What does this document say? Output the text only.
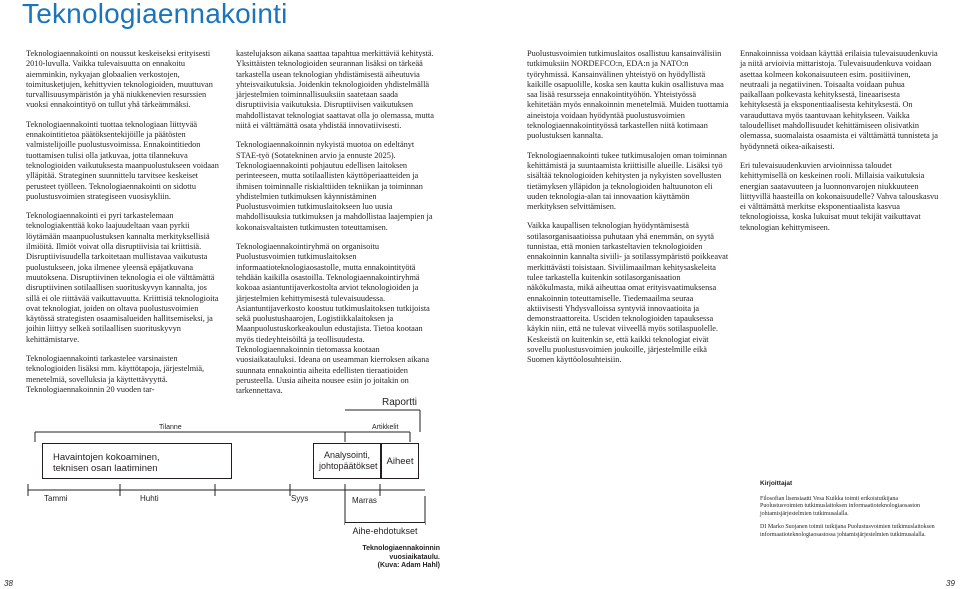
Teknologiaennakointi

Teknologiaennakointi on noussut keskeiseksi erityisesti 2010-luvulla. Vaikka tulevaisuutta on ennakoitu aiemminkin, nykyajan globaalien verkostojen, toimitusketjujen, kehittyvien teknologioiden, muuttuvan turvallisuusympäristön ja yhä niukkenevien resurssien vuoksi ennakointityö on tullut yhä tärkeämmäksi.

Teknologiaennakointi tuottaa teknologiaan liittyvää ennakointitietoa päätöksentekijöille ja päätösten valmistelijoille puolustusvoimissa. Ennakointitiedon tuottamisen tulisi olla jatkuvaa, jotta tilannekuva teknologioiden vaikutuksesta maanpuolustukseen voidaan ylläpitää. Strateginen suunnittelu tarvitsee keskeiset perusteet työlleen. Teknologiaennakointi on sidottu puolustusvoimien strategiseen vuosisykliin.

Teknologiaennakointi ei pyri tarkastelemaan teknologiakenttää koko laajuudeltaan vaan pyrkii löytämään maanpuolustuksen kannalta merkityksellisiä ilmiöitä. Ilmiöt voivat olla disruptiivisia tai kriittisiä. Disruptiivisuudella tarkoitetaan mullistavaa vaikutusta puolustukseen, joka ilmenee yleensä epäjatkuvana muutoksena. Disruptiivinen teknologia ei ole välttämättä disruptiivinen sotilaallisen suorituskyvyn kannalta, jos sillä ei ole riittävää vaikuttavuutta. Kriittisiä teknologioita ovat teknologiat, joiden on oltava puolustusvoimien käytössä strategisten osaamisalueiden hallitsemiseksi, ja joihin liittyy selkeä sotilaallisen suorituskyvyn kehittämistarve.

Teknologiaennakointi tarkastelee varsinaisten teknologioiden lisäksi mm. käyttötapoja, järjestelmiä, menetelmiä, sovelluksia ja käyttettävyyttä. Teknologiaennakoinnin 20 vuoden tar-

kastelujakson aikana saattaa tapahtua merkittäviä kehitystä. Yksittäisten teknologioiden seurannan lisäksi on tärkeää tarkastella usean teknologian yhdistämisestä aiheutuvia yhteisvaikutuksia. Joidenkin teknologioiden yhdistelmällä järjestelmien toiminnallisuuksiin saatetaan saada disruptiivisia vaikutuksia. Disruptiivisen vaikutuksen mahdollistavat teknologiat saattavat olla jo olemassa, mutta niitä ei välttämättä osata yhdistää innovatiivisesti.

Teknologiaennakoinnin nykyistä muotoa on edeltänyt STAE-työ (Sotatekninen arvio ja ennuste 2025). Teknologiaennakointi pohjautuu edellisen laitoksen perinteeseen, mutta sotilaallisten käyttöperiaatteiden ja ihmisen toiminnalle riskialttiiden tekniikan ja toiminnan yhdistelmien tutkimuksen käynnistäminen Puolustusvoimien tutkimuslaitokseen luo uusia mahdollisuuksia tutkimuksen ja mahdollistaa laajempien ja kokonaisvaltaisten tutkimusten toteuttamisen.

Teknologiaennakointiryhmä on organisoitu Puolustusvoimien tutkimuslaitoksen informaatioteknologiaosastolle, mutta ennakointityötä tehdään kaikilla osastoilla. Teknologiaennakointiryhmä kokoaa asiantuntijaverkostolta arviot teknologioiden ja järjestelmien kehittymisestä tulevaisuudessa. Asiantuntijaverkosto koostuu tutkimuslaitoksen tutkijoista sekä puolustushaarojen, Logistiikkalaitoksen ja Maanpuolustuskorkeakoulun edustajista. Tietoa kootaan myös tiedeyhteisöiltä ja teollisuudesta. Teknologiaennakoinnin tietomassa kootaan vuosiaikatauluksi. Ideana on useamman kierroksen aikana suunnata ennakointia aiheita edellisten tieraatioiden perusteella. Uusia aiheita nousee esiin jo joitakin on tarkennettava.

Puolustusvoimien tutkimuslaitos osallistuu kansainvälisiin tutkimuksiin NORDEFCO:n, EDA:n ja NATO:n työryhmissä. Kansainvälinen yhteistyö on hyödyllistä kaikille osapuolille, koska sen kautta kukin osallistuva maa saa lisää resursseja ennakointityöhön. Yhteistyössä kehitetään myös ennakoinnin menetelmiä. Muiden tuottamia aineistoja voidaan hyödyntää puolustusvoimien teknologiaennakointityössä tarkastellen niitä kotimaan puolustuksen kannalta.

Teknologiaennakointi tukee tutkimusalojen oman toiminnan kehittämistä ja suuntaamista kriittisille alueille. Lisäksi työ sisältää teknologioiden kehitysten ja nykyisten sovellusten tietämyksen ylläpidon ja teknologioiden haltuunoton eli uuden teknologia-alan tai innovaation käyttämön merkityksen selvittämisen.

Vaikka kaupallisen teknologian hyödyntämisestä sotilasorganisaatioissa puhutaan yhä enemmän, on syytä tunnistaa, että monien tarkasteltavien teknologioiden ennakoinnin kannalta siviili- ja sotilassympäristö poikkeavat merkittävästi toisistaan. Siviilimaailman kehitysaskeleita tulee tarkastella kuitenkin sotilasorganisaation näkökulmasta, mikä aiheuttaa omat erityisvaatimuksensa ennakoinnin toteuttamiselle. Tiedemaailma seuraa aktiivisesti Yhdysvalloissa syntyviä innovaatioita ja demonstraattoreita. Usciden teknologioiden tapauksessa käykin niin, että ne tulevat viiveellä myös sotilaspuolelle. Keskeistä on kuitenkin se, että kaikki teknologiat eivät sovellu puolustusvoimien joukoille, järjestelmille eikä Suomen käyttöolosuhteisiin.

Ennakoinnissa voidaan käyttää erilaisia tulevaisuudenkuvia ja niitä arvioivia mittaristoja. Tulevaisuudenkuva voidaan asettaa kolmeen kokonaisuuteen esim. positiivinen, neutraali ja negatiivinen. Toisaalta voidaan puhua paikallaan polkevasta kehityksestä, lineaarisesta kehityksestä ja eksponentiaalisesta kehityksestä. On varauduttava myös taantuvaan kehitykseen. Vaikka taloudelliset mahdollisuudet kehittämiseen olisivatkin olemassa, suomalaista osaamista ei välttämättä tunnisteta ja hyödynnetä oikea-aikaisesti.

Eri tulevaisuudenkuvien arvioinnissa taloudet kehittymisellä on keskeinen rooli. Millaisia vaikutuksia energian saatavuuteen ja luonnonvarojen niukkuuteen liittyvillä haasteilla on kokonaisuudelle? Vahva talouskasvu ei välttämättä merkitse eksponentiaalista kasvua teknologioissa, koska lukuisat muut tekijät vaikuttavat teknologian kehittymiseen.

Raportti
Tilanne	Artikkelit
Havaintojen kokoaminen,
teknisen osan laatiminen
Analysointi,
johtopäätökset Aiheet
Tammi	Huhti	Syys	Marras
Aihe-ehdotukset
Teknologiaennakoinnin vuosiaikataulu.
(Kuva: Adam Hahl)
Kirjoittajat

Filosofian lisensiaatti Vesa Kuikka toimii erikoistutkijana Puolustusvoimien tutkimuslaitoksen informaatioteknologiaosaston johtamisjärjestelmien tutkimusalalla.

DI Marko Suojanen toimii tutkijana Puolustusvoimien tutkimuslaitoksen informaatioteknologiaosastossa johtamisjärjestelmien tutkimusalalla.

38	39
